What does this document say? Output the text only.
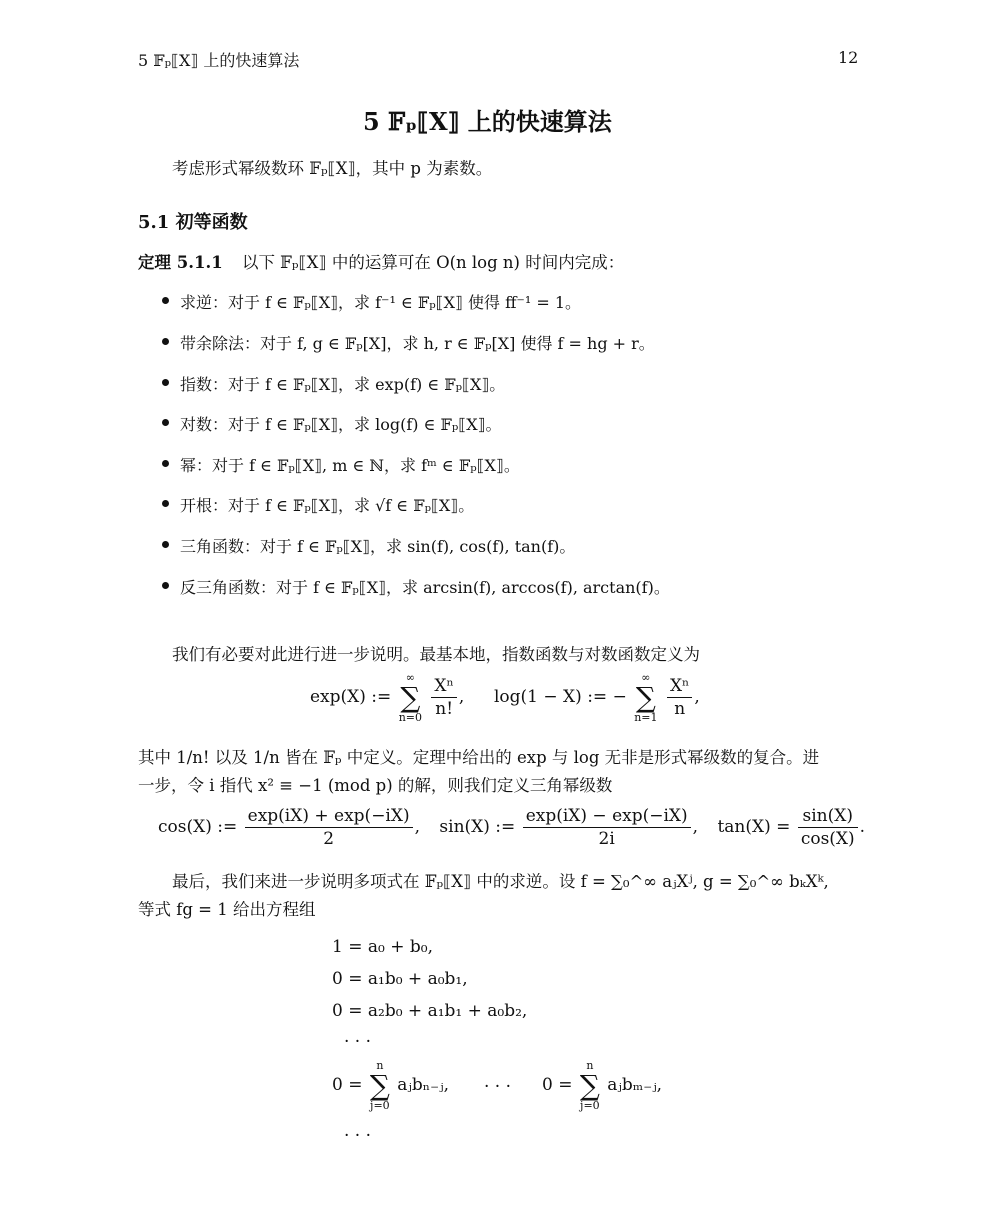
5 𝔽ₚ⟦X⟧ 上的快速算法	12
5 𝔽ₚ⟦X⟧ 上的快速算法
考虑形式幂级数环 𝔽ₚ⟦X⟧，其中 p 为素数。
5.1 初等函数
定理 5.1.1 以下 𝔽ₚ⟦X⟧ 中的运算可在 O(n log n) 时间内完成：
求逆：对于 f ∈ 𝔽ₚ⟦X⟧，求 f⁻¹ ∈ 𝔽ₚ⟦X⟧ 使得 ff⁻¹ = 1。
带余除法：对于 f, g ∈ 𝔽ₚ[X]，求 h, r ∈ 𝔽ₚ[X] 使得 f = hg + r。
指数：对于 f ∈ 𝔽ₚ⟦X⟧，求 exp(f) ∈ 𝔽ₚ⟦X⟧。
对数：对于 f ∈ 𝔽ₚ⟦X⟧，求 log(f) ∈ 𝔽ₚ⟦X⟧。
幂：对于 f ∈ 𝔽ₚ⟦X⟧, m ∈ ℕ，求 fᵐ ∈ 𝔽ₚ⟦X⟧。
开根：对于 f ∈ 𝔽ₚ⟦X⟧，求 √f ∈ 𝔽ₚ⟦X⟧。
三角函数：对于 f ∈ 𝔽ₚ⟦X⟧，求 sin(f), cos(f), tan(f)。
反三角函数：对于 f ∈ 𝔽ₚ⟦X⟧，求 arcsin(f), arccos(f), arctan(f)。
我们有必要对此进行进一步说明。最基本地，指数函数与对数函数定义为
exp(X) :=
∞
∑
n=0
$\frac{\text{Xⁿ}}{n!}$ , log(1 − X) := −
∞
∑
n=1
$\frac{\text{Xⁿ}}{n}$ ,
其中 1/n! 以及 1/n 皆在 𝔽ₚ 中定义。定理中给出的 exp 与 log 无非是形式幂级数的复合。进
一步，令 i 指代 x² ≡ −1 (mod p) 的解，则我们定义三角幂级数
cos(X) := $\frac{\exp(iX) + \exp(-iX)}{2}$ , sin(X) := $\frac{\exp(iX) - \exp(-iX)}{2i}$ , $\tan(X) = \frac{\sin(X)}{\cos(X)}$ .
最后，我们来进一步说明多项式在 𝔽ₚ⟦X⟧ 中的求逆。设 f = ∑₀^∞ aⱼXʲ, g = ∑₀^∞ bₖXᵏ,
等式 fg = 1 给出方程组
1 = a₀ + b₀,
0 = a₁b₀ + a₀b₁,
0 = a₂b₀ + a₁b₁ + a₀b₂,
· · ·
0 =
n
∑
j=0
aⱼbₙ₋ⱼ, · · · 0 =
n
∑
j=0
aⱼbₘ₋ⱼ,
· · ·
